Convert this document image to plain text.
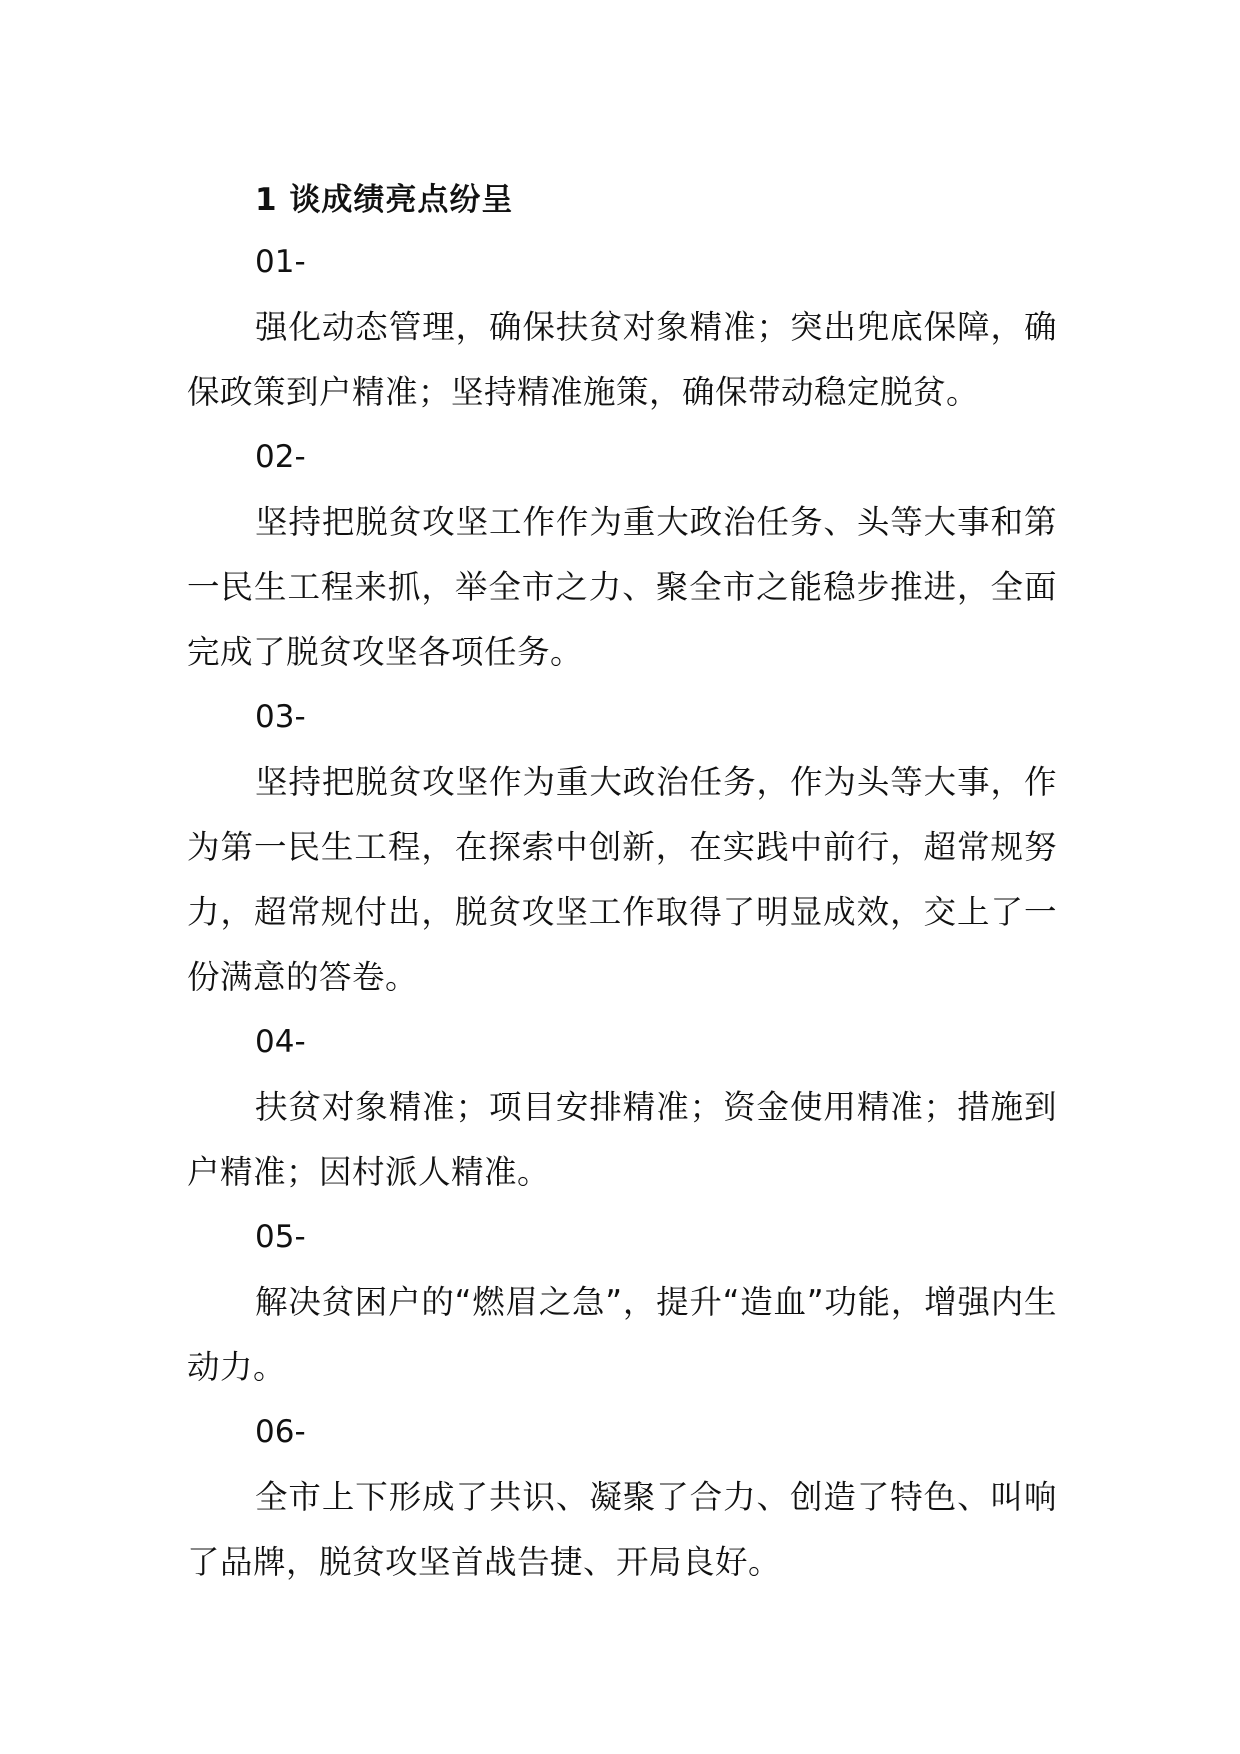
1 谈成绩亮点纷呈

01-

强化动态管理，确保扶贫对象精准；突出兜底保障，确保政策到户精准；坚持精准施策，确保带动稳定脱贫。

02-

坚持把脱贫攻坚工作作为重大政治任务、头等大事和第一民生工程来抓，举全市之力、聚全市之能稳步推进，全面完成了脱贫攻坚各项任务。

03-

坚持把脱贫攻坚作为重大政治任务，作为头等大事，作为第一民生工程，在探索中创新，在实践中前行，超常规努力，超常规付出，脱贫攻坚工作取得了明显成效，交上了一份满意的答卷。

04-

扶贫对象精准；项目安排精准；资金使用精准；措施到户精准；因村派人精准。

05-

解决贫困户的“燃眉之急”，提升“造血”功能，增强内生动力。

06-

全市上下形成了共识、凝聚了合力、创造了特色、叫响了品牌，脱贫攻坚首战告捷、开局良好。
